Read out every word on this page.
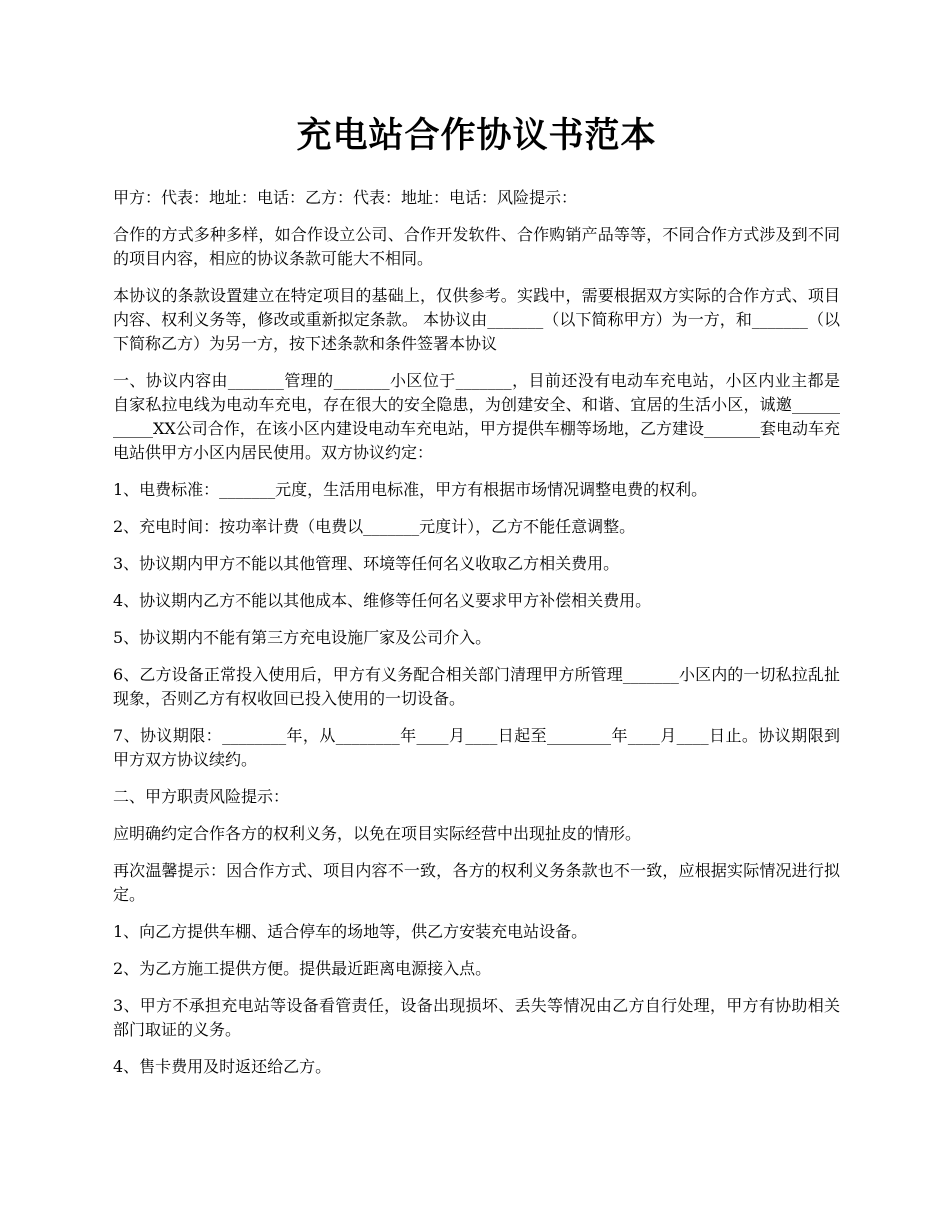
充电站合作协议书范本

甲方：代表：地址：电话：乙方：代表：地址：电话：风险提示：

合作的方式多种多样，如合作设立公司、合作开发软件、合作购销产品等等，不同合作方式涉及到不同的项目内容，相应的协议条款可能大不相同。

本协议的条款设置建立在特定项目的基础上，仅供参考。实践中，需要根据双方实际的合作方式、项目内容、权利义务等，修改或重新拟定条款。 本协议由_______（以下简称甲方）为一方，和_______（以下简称乙方）为另一方，按下述条款和条件签署本协议

一、协议内容由_______管理的_______小区位于_______，目前还没有电动车充电站，小区内业主都是自家私拉电线为电动车充电，存在很大的安全隐患，为创建安全、和谐、宜居的生活小区，诚邀___________XX公司合作，在该小区内建设电动车充电站，甲方提供车棚等场地，乙方建设_______套电动车充电站供甲方小区内居民使用。双方协议约定：

1、电费标准：_______元度，生活用电标准，甲方有根据市场情况调整电费的权利。

2、充电时间：按功率计费（电费以_______元度计），乙方不能任意调整。

3、协议期内甲方不能以其他管理、环境等任何名义收取乙方相关费用。

4、协议期内乙方不能以其他成本、维修等任何名义要求甲方补偿相关费用。

5、协议期内不能有第三方充电设施厂家及公司介入。

6、乙方设备正常投入使用后，甲方有义务配合相关部门清理甲方所管理_______小区内的一切私拉乱扯现象，否则乙方有权收回已投入使用的一切设备。

7、协议期限：________年，从________年____月____日起至________年____月____日止。协议期限到甲方双方协议续约。

二、甲方职责风险提示：

应明确约定合作各方的权利义务，以免在项目实际经营中出现扯皮的情形。

再次温馨提示：因合作方式、项目内容不一致，各方的权利义务条款也不一致，应根据实际情况进行拟定。

1、向乙方提供车棚、适合停车的场地等，供乙方安装充电站设备。

2、为乙方施工提供方便。提供最近距离电源接入点。

3、甲方不承担充电站等设备看管责任，设备出现损坏、丢失等情况由乙方自行处理，甲方有协助相关部门取证的义务。

4、售卡费用及时返还给乙方。
